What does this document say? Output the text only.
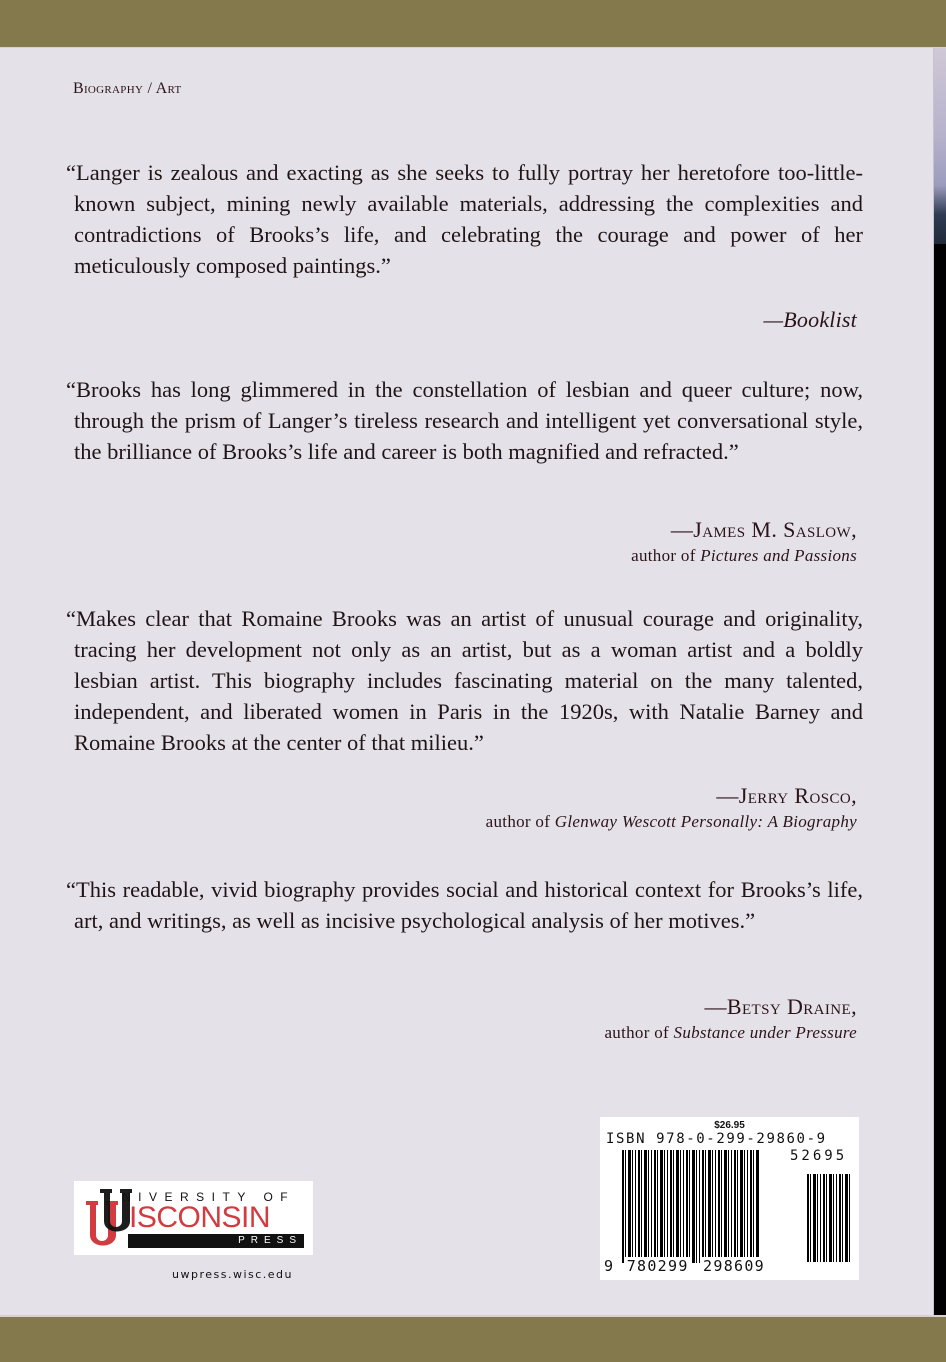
Biography / Art
“Langer is zealous and exacting as she seeks to fully portray her heretofore too-little-known subject, mining newly available materials, addressing the complexities and contradictions of Brooks’s life, and celebrating the courage and power of her meticulously composed paintings.”
—Booklist
“Brooks has long glimmered in the constellation of lesbian and queer culture; now, through the prism of Langer’s tireless research and intelligent yet conversational style, the brilliance of Brooks’s life and career is both magnified and refracted.”
—James M. Saslow,
author of Pictures and Passions
“Makes clear that Romaine Brooks was an artist of unusual courage and originality, tracing her development not only as an artist, but as a woman artist and a boldly lesbian artist. This biography includes fascinating material on the many talented, independent, and liberated women in Paris in the 1920s, with Natalie Barney and Romaine Brooks at the center of that milieu.”
—Jerry Rosco,
author of Glenway Wescott Personally: A Biography
“This readable, vivid biography provides social and historical context for Brooks’s life, art, and writings, as well as incisive psychological analysis of her motives.”
—Betsy Draine,
author of Substance under Pressure
NIVERSITY OF
ISCONSIN
PRESS
uwpress.wisc.edu
$26.95
ISBN 978-0-299-29860-9
52695
9 780299 298609
